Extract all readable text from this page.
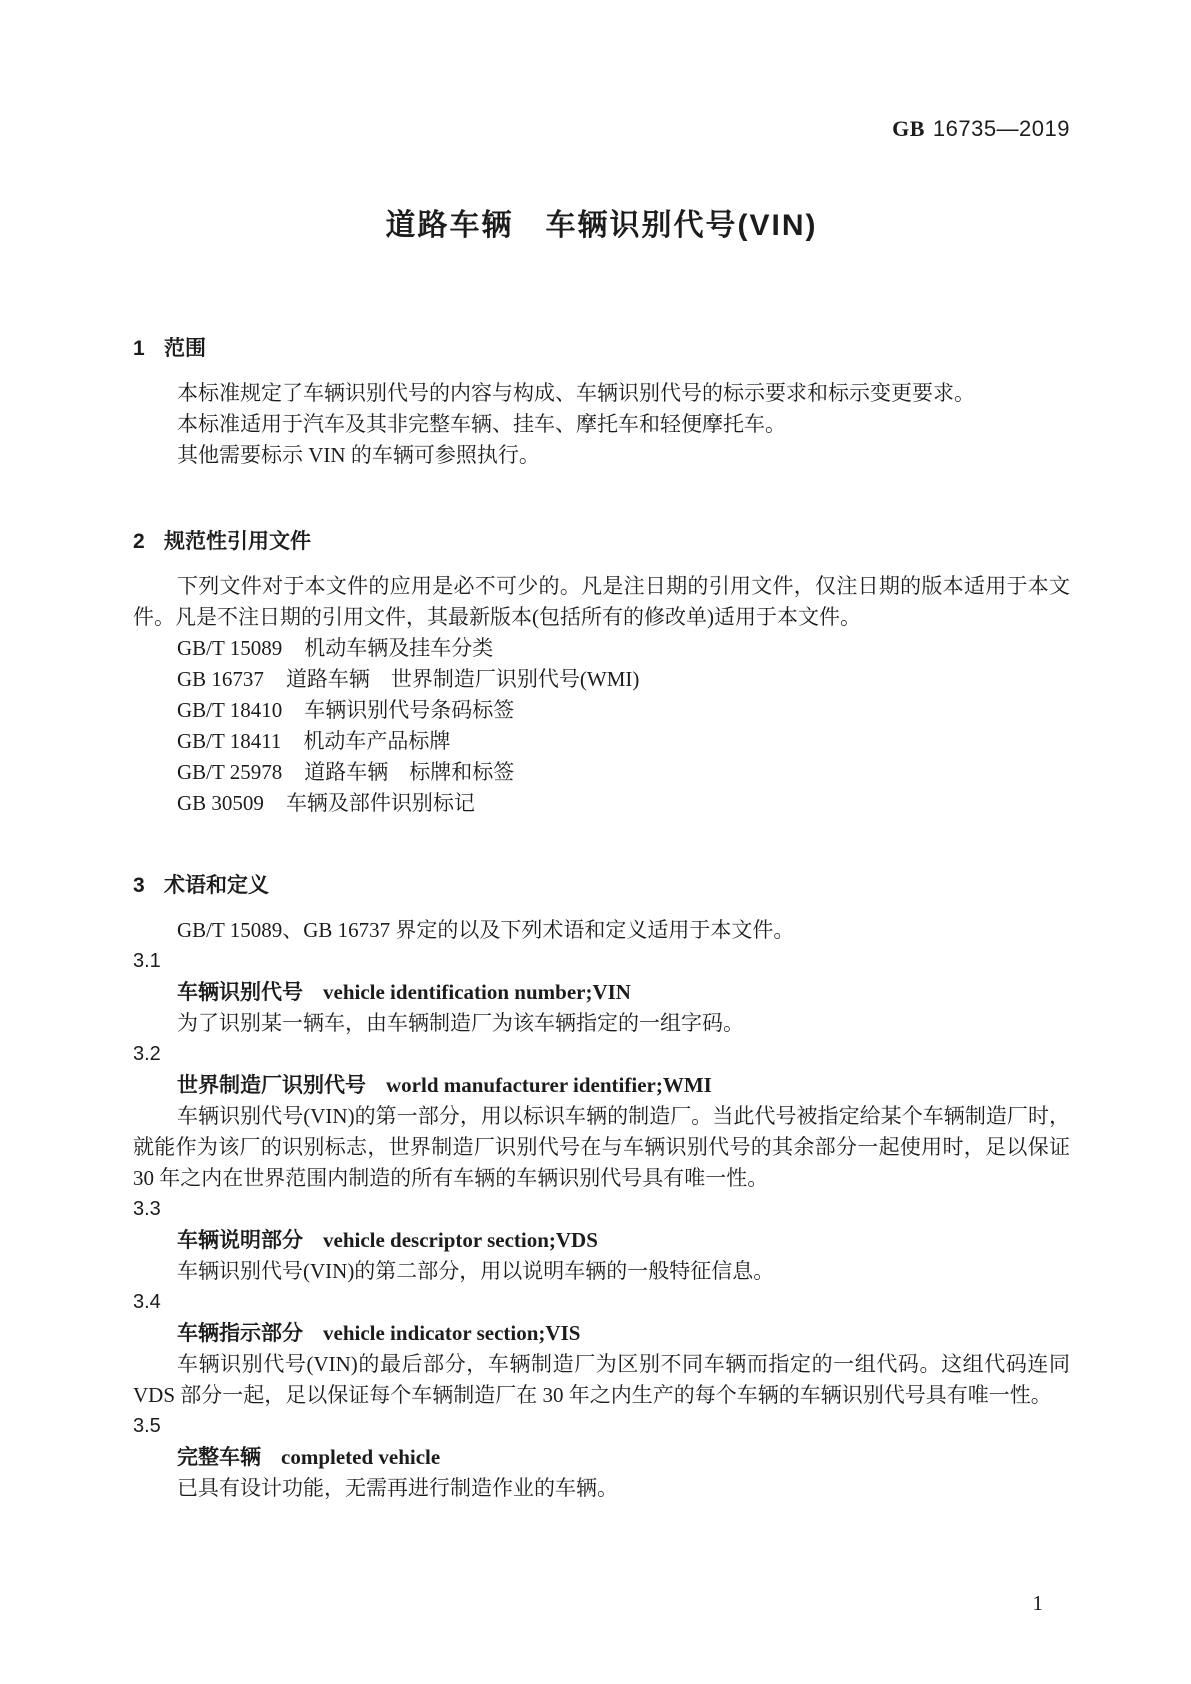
GB 16735—2019
道路车辆　车辆识别代号(VIN)
1 范围

本标准规定了车辆识别代号的内容与构成、车辆识别代号的标示要求和标示变更要求。

本标准适用于汽车及其非完整车辆、挂车、摩托车和轻便摩托车。

其他需要标示 VIN 的车辆可参照执行。

2 规范性引用文件

下列文件对于本文件的应用是必不可少的。凡是注日期的引用文件，仅注日期的版本适用于本文件。凡是不注日期的引用文件，其最新版本(包括所有的修改单)适用于本文件。

GB/T 15089 机动车辆及挂车分类
GB 16737 道路车辆　世界制造厂识别代号(WMI)
GB/T 18410 车辆识别代号条码标签
GB/T 18411 机动车产品标牌
GB/T 25978 道路车辆　标牌和标签
GB 30509 车辆及部件识别标记
3 术语和定义

GB/T 15089、GB 16737 界定的以及下列术语和定义适用于本文件。

3.1
车辆识别代号 vehicle identification number;VIN

为了识别某一辆车，由车辆制造厂为该车辆指定的一组字码。

3.2
世界制造厂识别代号 world manufacturer identifier;WMI

车辆识别代号(VIN)的第一部分，用以标识车辆的制造厂。当此代号被指定给某个车辆制造厂时，就能作为该厂的识别标志，世界制造厂识别代号在与车辆识别代号的其余部分一起使用时，足以保证 30 年之内在世界范围内制造的所有车辆的车辆识别代号具有唯一性。

3.3
车辆说明部分 vehicle descriptor section;VDS

车辆识别代号(VIN)的第二部分，用以说明车辆的一般特征信息。

3.4
车辆指示部分 vehicle indicator section;VIS

车辆识别代号(VIN)的最后部分，车辆制造厂为区别不同车辆而指定的一组代码。这组代码连同 VDS 部分一起，足以保证每个车辆制造厂在 30 年之内生产的每个车辆的车辆识别代号具有唯一性。

3.5
完整车辆 completed vehicle

已具有设计功能，无需再进行制造作业的车辆。

1
